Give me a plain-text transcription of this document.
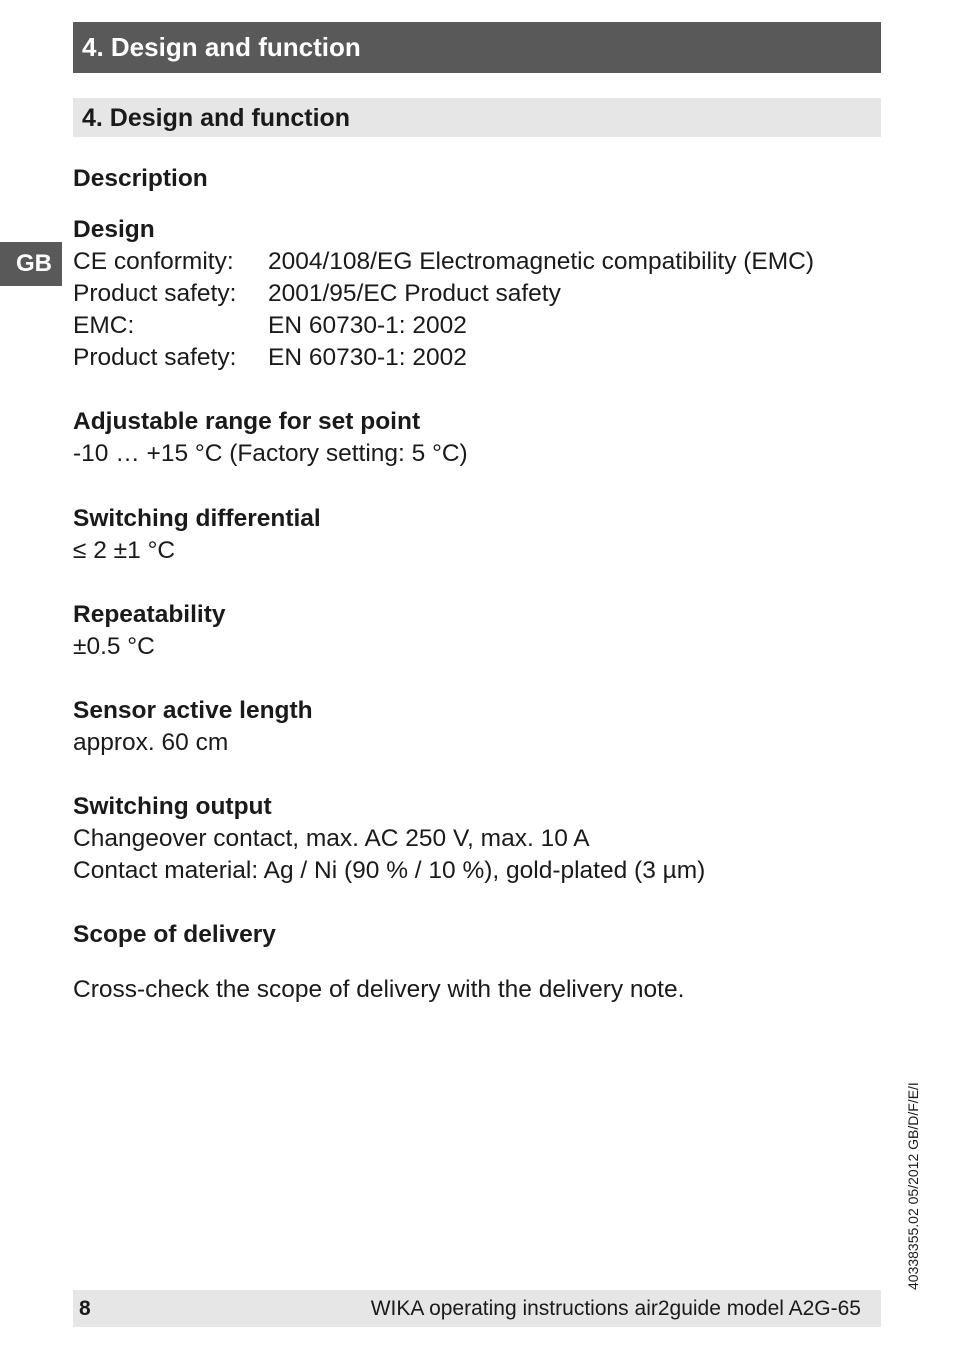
4. Design and function
4. Design and function
GB
Description
Design
CE conformity: 2004/108/EG Electromagnetic compatibility (EMC)
Product safety: 2001/95/EC Product safety
EMC:	EN 60730-1: 2002
Product safety: EN 60730-1: 2002
Adjustable range for set point
-10 … +15 °C (Factory setting: 5 °C)
Switching differential
≤ 2 ±1 °C
Repeatability
±0.5 °C
Sensor active length
approx. 60 cm
Switching output
Changeover contact, max. AC 250 V, max. 10 A
Contact material: Ag / Ni (90 % / 10 %), gold-plated (3 µm)
Scope of delivery
Cross-check the scope of delivery with the delivery note.
40338355.02 05/2012 GB/D/F/E/I
8	WIKA operating instructions air2guide model A2G-65
